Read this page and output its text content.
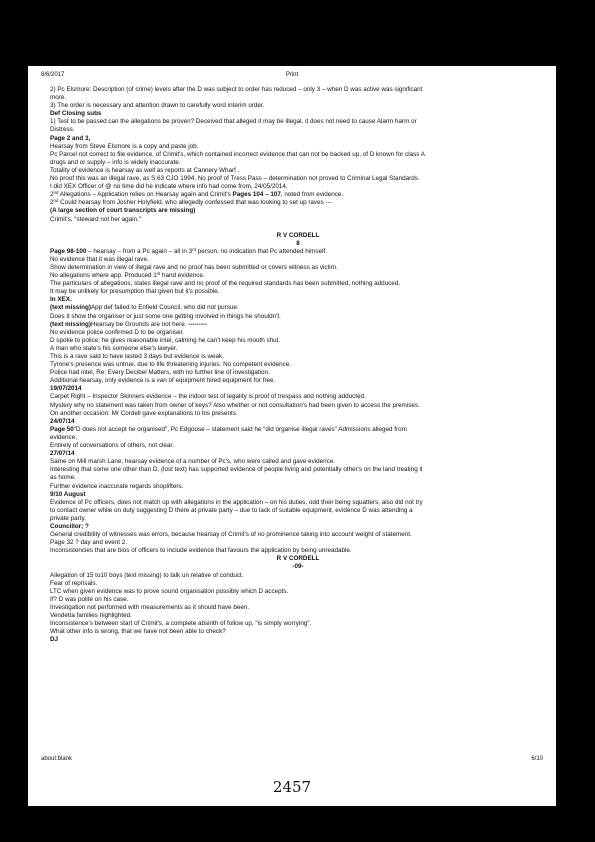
8/6/2017	Print

2) Pc Elsmore: Description (of crime) levels after the D was subject to order has reduced – only 3 – when D was active was significant

more.

3) The order is necessary and attention drawn to carefully word interim order.

Def Closing subs

1) Test to be passed can the allegations be proven? Deceived that alleged it may be illegal, it does not need to cause Alarm harm or

Distress.

Page 2 and 3,

Hearsay from Steve Elsmore is a copy and paste job.

Pc Parcel not correct to file evidence, of Crimit's, which contained incorrect evidence that can not be backed up, of D known for class A

drugs and or supply – info is widely inaccurate.

Totality of evidence is hearsay as well as reports at Cannery Wharf .

No proof this was an illegal rave, as S.63 CJO 1994, No proof of Tress Pass – determination not proved to Criminal Legal Standards.

I did XEX Officer of @ no time did he indicate where info had come from, 24/05/2014.

2nd Allegations – Application relies on Hearsay again and Crimit's Pages 104 – 107, noted from evidence.

2nd Could hearsay from Josher Holyfield, who allegedly confessed that was looking to set up raves ---

(A large section of court transcripts are missing)

Crimit's, "steward not her again."

R V CORDELL

8

Page 98-100 – hearsay – from a Pc again – all in 3rd person, no indication that Pc attended himself.

No evidence that it was illegal rave.

Show determination in view of illegal rave and no proof has been submitted or covers witness as victim.

No allegations where app. Produced 1st hand evidence.

The particulars of allegations, states illegal rave and no proof of the required standards has been submitted, nothing adduced.

It may be unlikely for presumption that given but it's possible.

In XEX.

(text missing)App def failed to Enfield Council, who did not pursue.

Does it show the organiser or just some one getting involved in things he shouldn't.

(text missing)Hearsay be Grounds are not here. ---------

No evidence police confirmed D to be organiser.

D spoke to police; he gives reasonable intel, calming he can't keep his mouth shut.

A man who state's his someone else's lawyer.

This is a rave said to have lasted 3 days but evidence is weak.

Tyrone's presence was untrue, due to life threatening injuries. No competent evidence.

Police had intel, Re: Every Decibel Matters, with no further line of investigation.

Additional hearsay, only evidence is a van of equipment hired equipment for free.

19/07/2014

Carpet Right – Inspector Skinners evidence – the indoor test of legality is proof of trespass and nothing adducted.

Mystery why no statement was taken from owner of keys? Also whether or not consultation's had been given to access the premises.

On another occasion: Mr Cordell gave explanations to his presents.

24/07/14

Page 50"D does not accept he organised", Pc Edgoose – statement said he "did organise illegal raves" Admissions alleged from

evidence,

Entirely of conversations of others, not clear.

27/07/14

Same on Mill marsh Lane, hearsay evidence of a number of Pc's, who were called and gave evidence.

Interesting that some one other than D, (lost text) has supported evidence of people living and potentially other's on the land treating it

as home.

Further evidence inaccurate regards shoplifters.

9/10 August

Evidence of Pc officers, does not match up with allegations in the application – on his duties, odd their being squatters, also did not try

to contact owner while on duty suggesting D there at private party – due to lack of suitable equipment, evidence D was attending a

private party.

Councillor; ?

General credibility of witnesses was errors, because hearsay of Crimit's of no prominence taking into account weight of statement.

Page 32 ? day and event 2.

Inconsistencies that are bios of officers to include evidence that favours the application by being unreadable.

R V CORDELL

-09-

Allegation of 15 to10 boys (text missing) to talk un relative of conduct.

Fear of reprisals.

LTC when given evidence was to prove sound organisation possibly which D accepts.

If? D was polite on his case.

Investigation not performed with measurements as it should have been.

Vendetta families highlighted.

Inconsistence's between start of Crimit's, a complete absinth of follow up, "is simply worrying".

What other info is wrong, that we have not been able to check?

DJ

about:blank	6/10
2457
